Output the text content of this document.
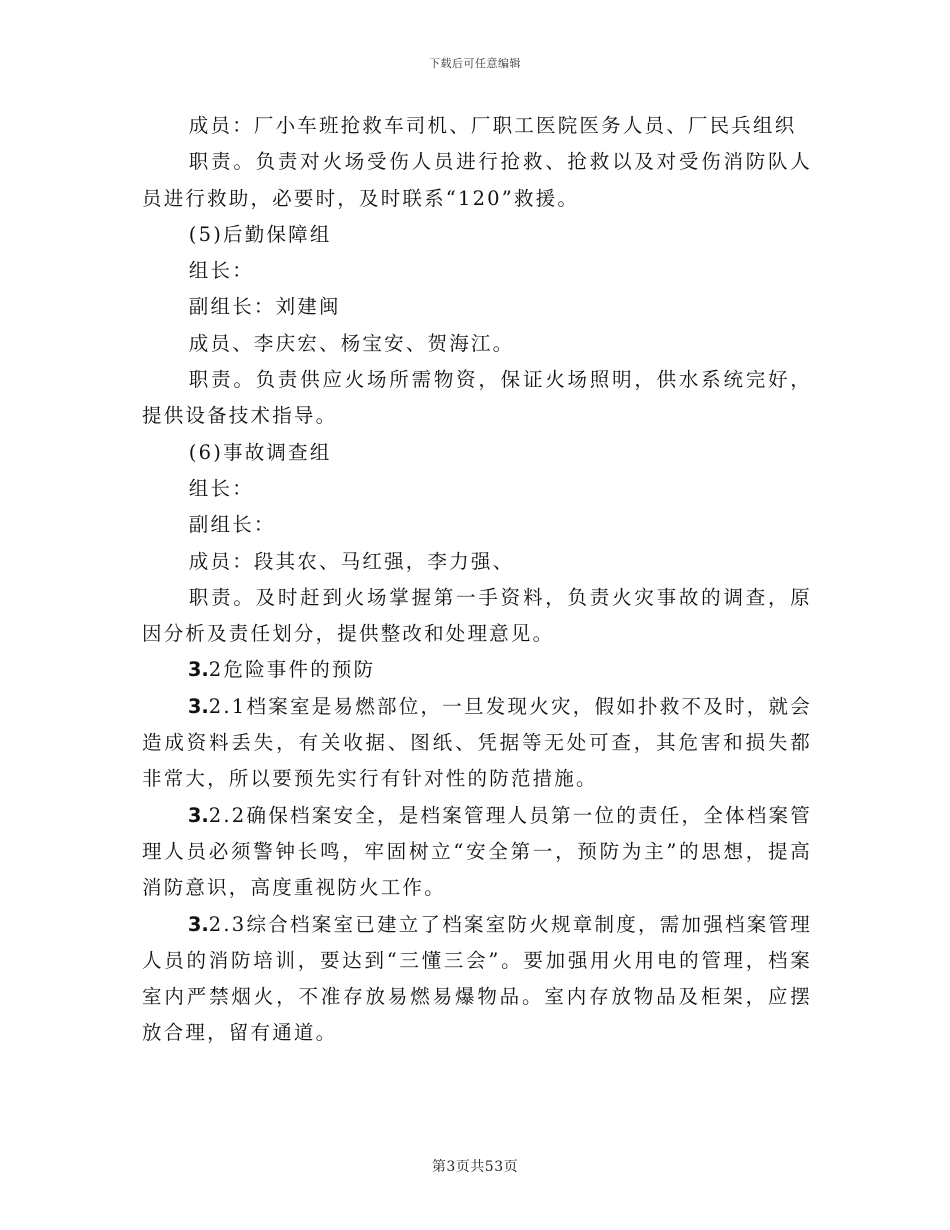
下载后可任意编辑

成员：厂小车班抢救车司机、厂职工医院医务人员、厂民兵组织

职责。负责对火场受伤人员进行抢救、抢救以及对受伤消防队人员进行救助，必要时，及时联系“120”救援。

(5)后勤保障组

组长：

副组长：刘建闽

成员、李庆宏、杨宝安、贺海江。

职责。负责供应火场所需物资，保证火场照明，供水系统完好，提供设备技术指导。

(6)事故调查组

组长：

副组长：

成员：段其农、马红强，李力强、

职责。及时赶到火场掌握第一手资料，负责火灾事故的调查，原因分析及责任划分，提供整改和处理意见。

3.2危险事件的预防

3.2.1档案室是易燃部位，一旦发现火灾，假如扑救不及时，就会造成资料丢失，有关收据、图纸、凭据等无处可查，其危害和损失都非常大，所以要预先实行有针对性的防范措施。

3.2.2确保档案安全，是档案管理人员第一位的责任，全体档案管理人员必须警钟长鸣，牢固树立“安全第一，预防为主”的思想，提高消防意识，高度重视防火工作。

3.2.3综合档案室已建立了档案室防火规章制度，需加强档案管理人员的消防培训，要达到“三懂三会”。要加强用火用电的管理，档案室内严禁烟火，不准存放易燃易爆物品。室内存放物品及柜架，应摆放合理，留有通道。

第3页共53页
